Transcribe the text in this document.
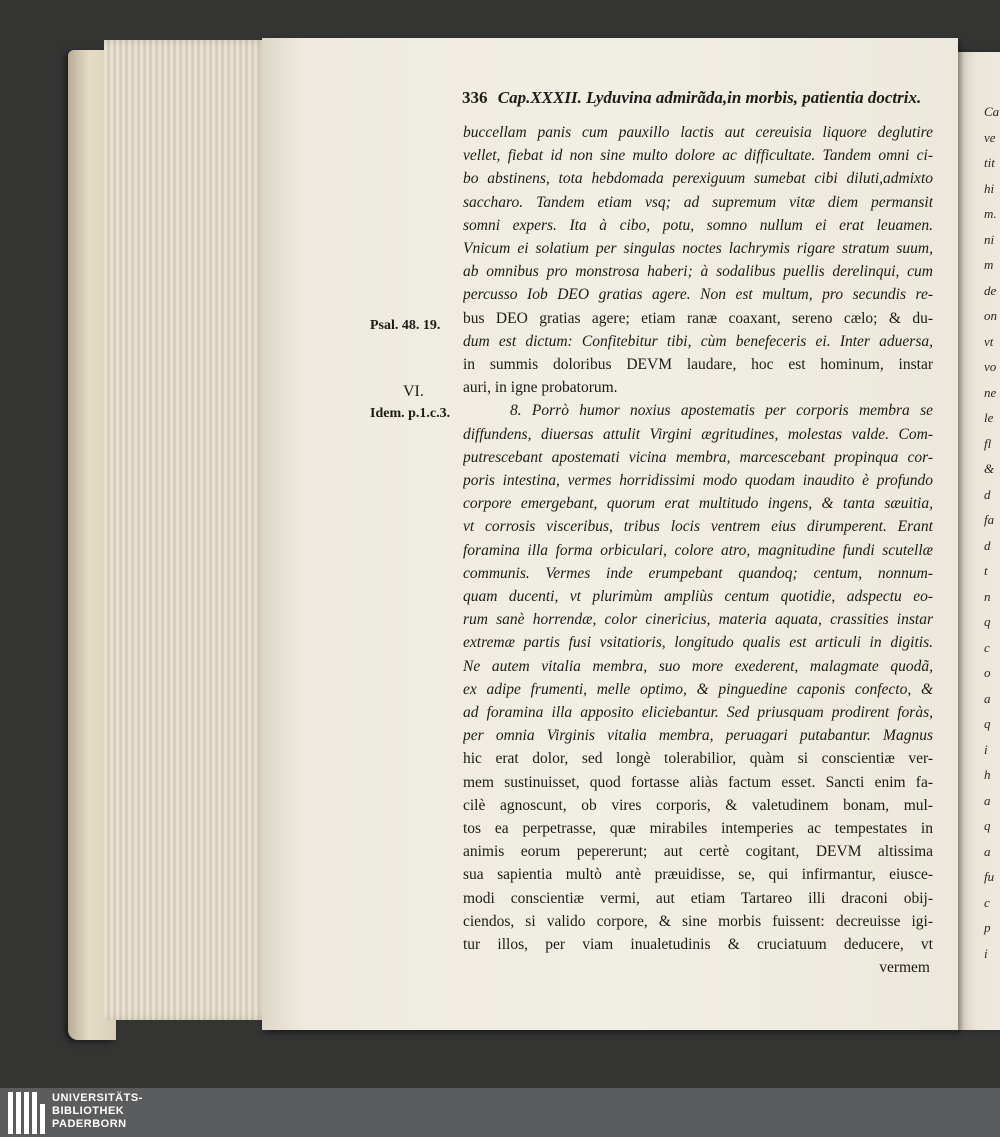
Ca
ve
tit
hi
m.
ni
m
de
on
vt
vo
ne
le
fl
&
d
fa
d
t
n
q
c
o
a
q
i
h
a
q
a
fu
c
p
i
336 Cap.XXXII. Lyduvina admirãda,in morbis, patientia doctrix.
Psal. 48. 19.
VI.
Idem. p.1.c.3.
buccellam panis cum pauxillo lactis aut cereuisia liquore deglutire
vellet, fiebat id non sine multo dolore ac difficultate. Tandem omni ci-
bo abstinens, tota hebdomada perexiguum sumebat cibi diluti,admixto
saccharo. Tandem etiam vsq; ad supremum vitæ diem permansit
somni expers. Ita à cibo, potu, somno nullum ei erat leuamen.
Vnicum ei solatium per singulas noctes lachrymis rigare stratum suum,
ab omnibus pro monstrosa haberi; à sodalibus puellis derelinqui, cum
percusso Iob DEO gratias agere. Non est multum, pro secundis re-
bus DEO gratias agere; etiam ranæ coaxant, sereno cælo; & du-
dum est dictum: Confitebitur tibi, cùm benefeceris ei. Inter aduersa,
in summis doloribus DEVM laudare, hoc est hominum, instar
auri, in igne probatorum.
8. Porrò humor noxius apostematis per corporis membra se
diffundens, diuersas attulit Virgini ægritudines, molestas valde. Com-
putrescebant apostemati vicina membra, marcescebant propinqua cor-
poris intestina, vermes horridissimi modo quodam inaudito è profundo
corpore emergebant, quorum erat multitudo ingens, & tanta sæuitia,
vt corrosis visceribus, tribus locis ventrem eius dirumperent. Erant
foramina illa forma orbiculari, colore atro, magnitudine fundi scutellæ
communis. Vermes inde erumpebant quandoq; centum, nonnum-
quam ducenti, vt plurimùm ampliùs centum quotidie, adspectu eo-
rum sanè horrendæ, color cinericius, materia aquata, crassities instar
extremæ partis fusi vsitatioris, longitudo qualis est articuli in digitis.
Ne autem vitalia membra, suo more exederent, malagmate quodã,
ex adipe frumenti, melle optimo, & pinguedine caponis confecto, &
ad foramina illa apposito eliciebantur. Sed priusquam prodirent foràs,
per omnia Virginis vitalia membra, peruagari putabantur. Magnus
hic erat dolor, sed longè tolerabilior, quàm si conscientiæ ver-
mem sustinuisset, quod fortasse aliàs factum esset. Sancti enim fa-
cilè agnoscunt, ob vires corporis, & valetudinem bonam, mul-
tos ea perpetrasse, quæ mirabiles intemperies ac tempestates in
animis eorum pepererunt; aut certè cogitant, DEVM altissima
sua sapientia multò antè præuidisse, se, qui infirmantur, eiusce-
modi conscientiæ vermi, aut etiam Tartareo illi draconi obij-
ciendos, si valido corpore, & sine morbis fuissent: decreuisse igi-
tur illos, per viam inualetudinis & cruciatuum deducere, vt
vermem
UNIVERSITÄTS-
BIBLIOTHEK
PADERBORN
